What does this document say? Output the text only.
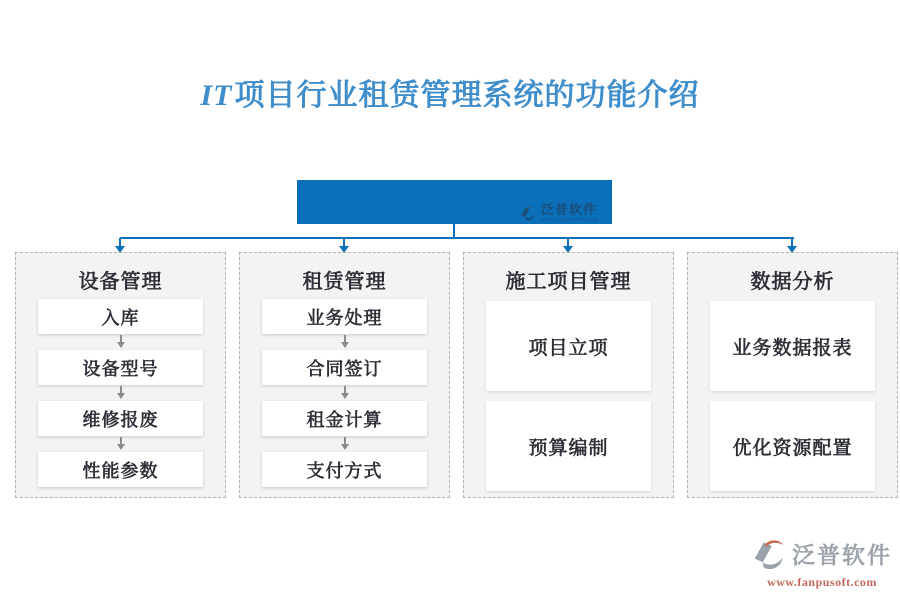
IT项目行业租赁管理系统的功能介绍
泛普软件
www.fanpusoft.com
设备管理
入库
设备型号
维修报废
性能参数
租赁管理
业务处理
合同签订
租金计算
支付方式
施工项目管理
项目立项
预算编制
数据分析
业务数据报表
优化资源配置
泛普软件
www.fanpusoft.com
